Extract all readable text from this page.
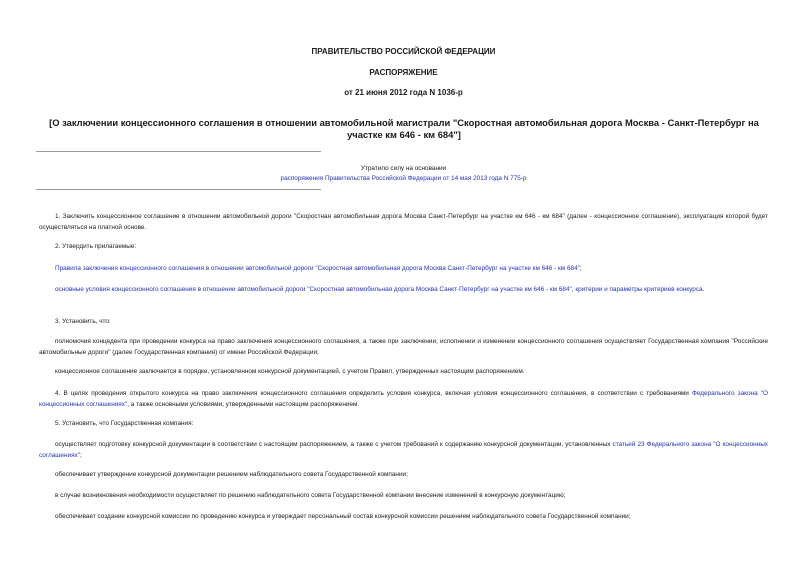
ПРАВИТЕЛЬСТВО РОССИЙСКОЙ ФЕДЕРАЦИИ
РАСПОРЯЖЕНИЕ
от 21 июня 2012 года N 1036-р
[О заключении концессионного соглашения в отношении автомобильной магистрали "Скоростная автомобильная дорога Москва - Санкт-Петербург на участке км 646 - км 684"]
Утратило силу на основании
распоряжения Правительства Российской Федерации от 14 мая 2013 года N 775-р
1. Заключить концессионное соглашение в отношении автомобильной дороги "Скоростная автомобильная дорога Москва Санкт-Петербург на участке км 646 - км 684" (далее - концессионное соглашение), эксплуатация которой будет осуществляться на платной основе.
2. Утвердить прилагаемые:
Правила заключения концессионного соглашения в отношении автомобильной дороги "Скоростная автомобильная дорога Москва Санкт-Петербург на участке км 646 - км 684";
основные условия концессионного соглашения в отношении автомобильной дороги "Скоростная автомобильная дорога Москва Санкт-Петербург на участке км 646 - км 684", критерии и параметры критериев конкурса.
3. Установить, что:
полномочия концедента при проведении конкурса на право заключения концессионного соглашения, а также при заключении, исполнении и изменении концессионного соглашения осуществляет Государственная компания "Российские автомобильные дороги" (далее Государственная компания) от имени Российской Федерации;
концессионное соглашение заключается в порядке, установленном конкурсной документацией, с учетом Правил, утвержденных настоящим распоряжением.
4. В целях проведения открытого конкурса на право заключения концессионного соглашения определить условия конкурса, включая условия концессионного соглашения, в соответствии с требованиями Федерального закона "О концессионных соглашениях", а также основными условиями, утвержденными настоящим распоряжением.
5. Установить, что Государственная компания:
осуществляет подготовку конкурсной документации в соответствии с настоящим распоряжением, а также с учетом требований к содержанию конкурсной документации, установленных статьей 23 Федерального закона "О концессионных соглашениях";
обеспечивает утверждение конкурсной документации решением наблюдательного совета Государственной компании;
в случае возникновения необходимости осуществляет по решению наблюдательного совета Государственной компании внесение изменений в конкурсную документацию;
обеспечивает создание конкурсной комиссии по проведению конкурса и утверждает персональный состав конкурсной комиссии решением наблюдательного совета Государственной компании;
